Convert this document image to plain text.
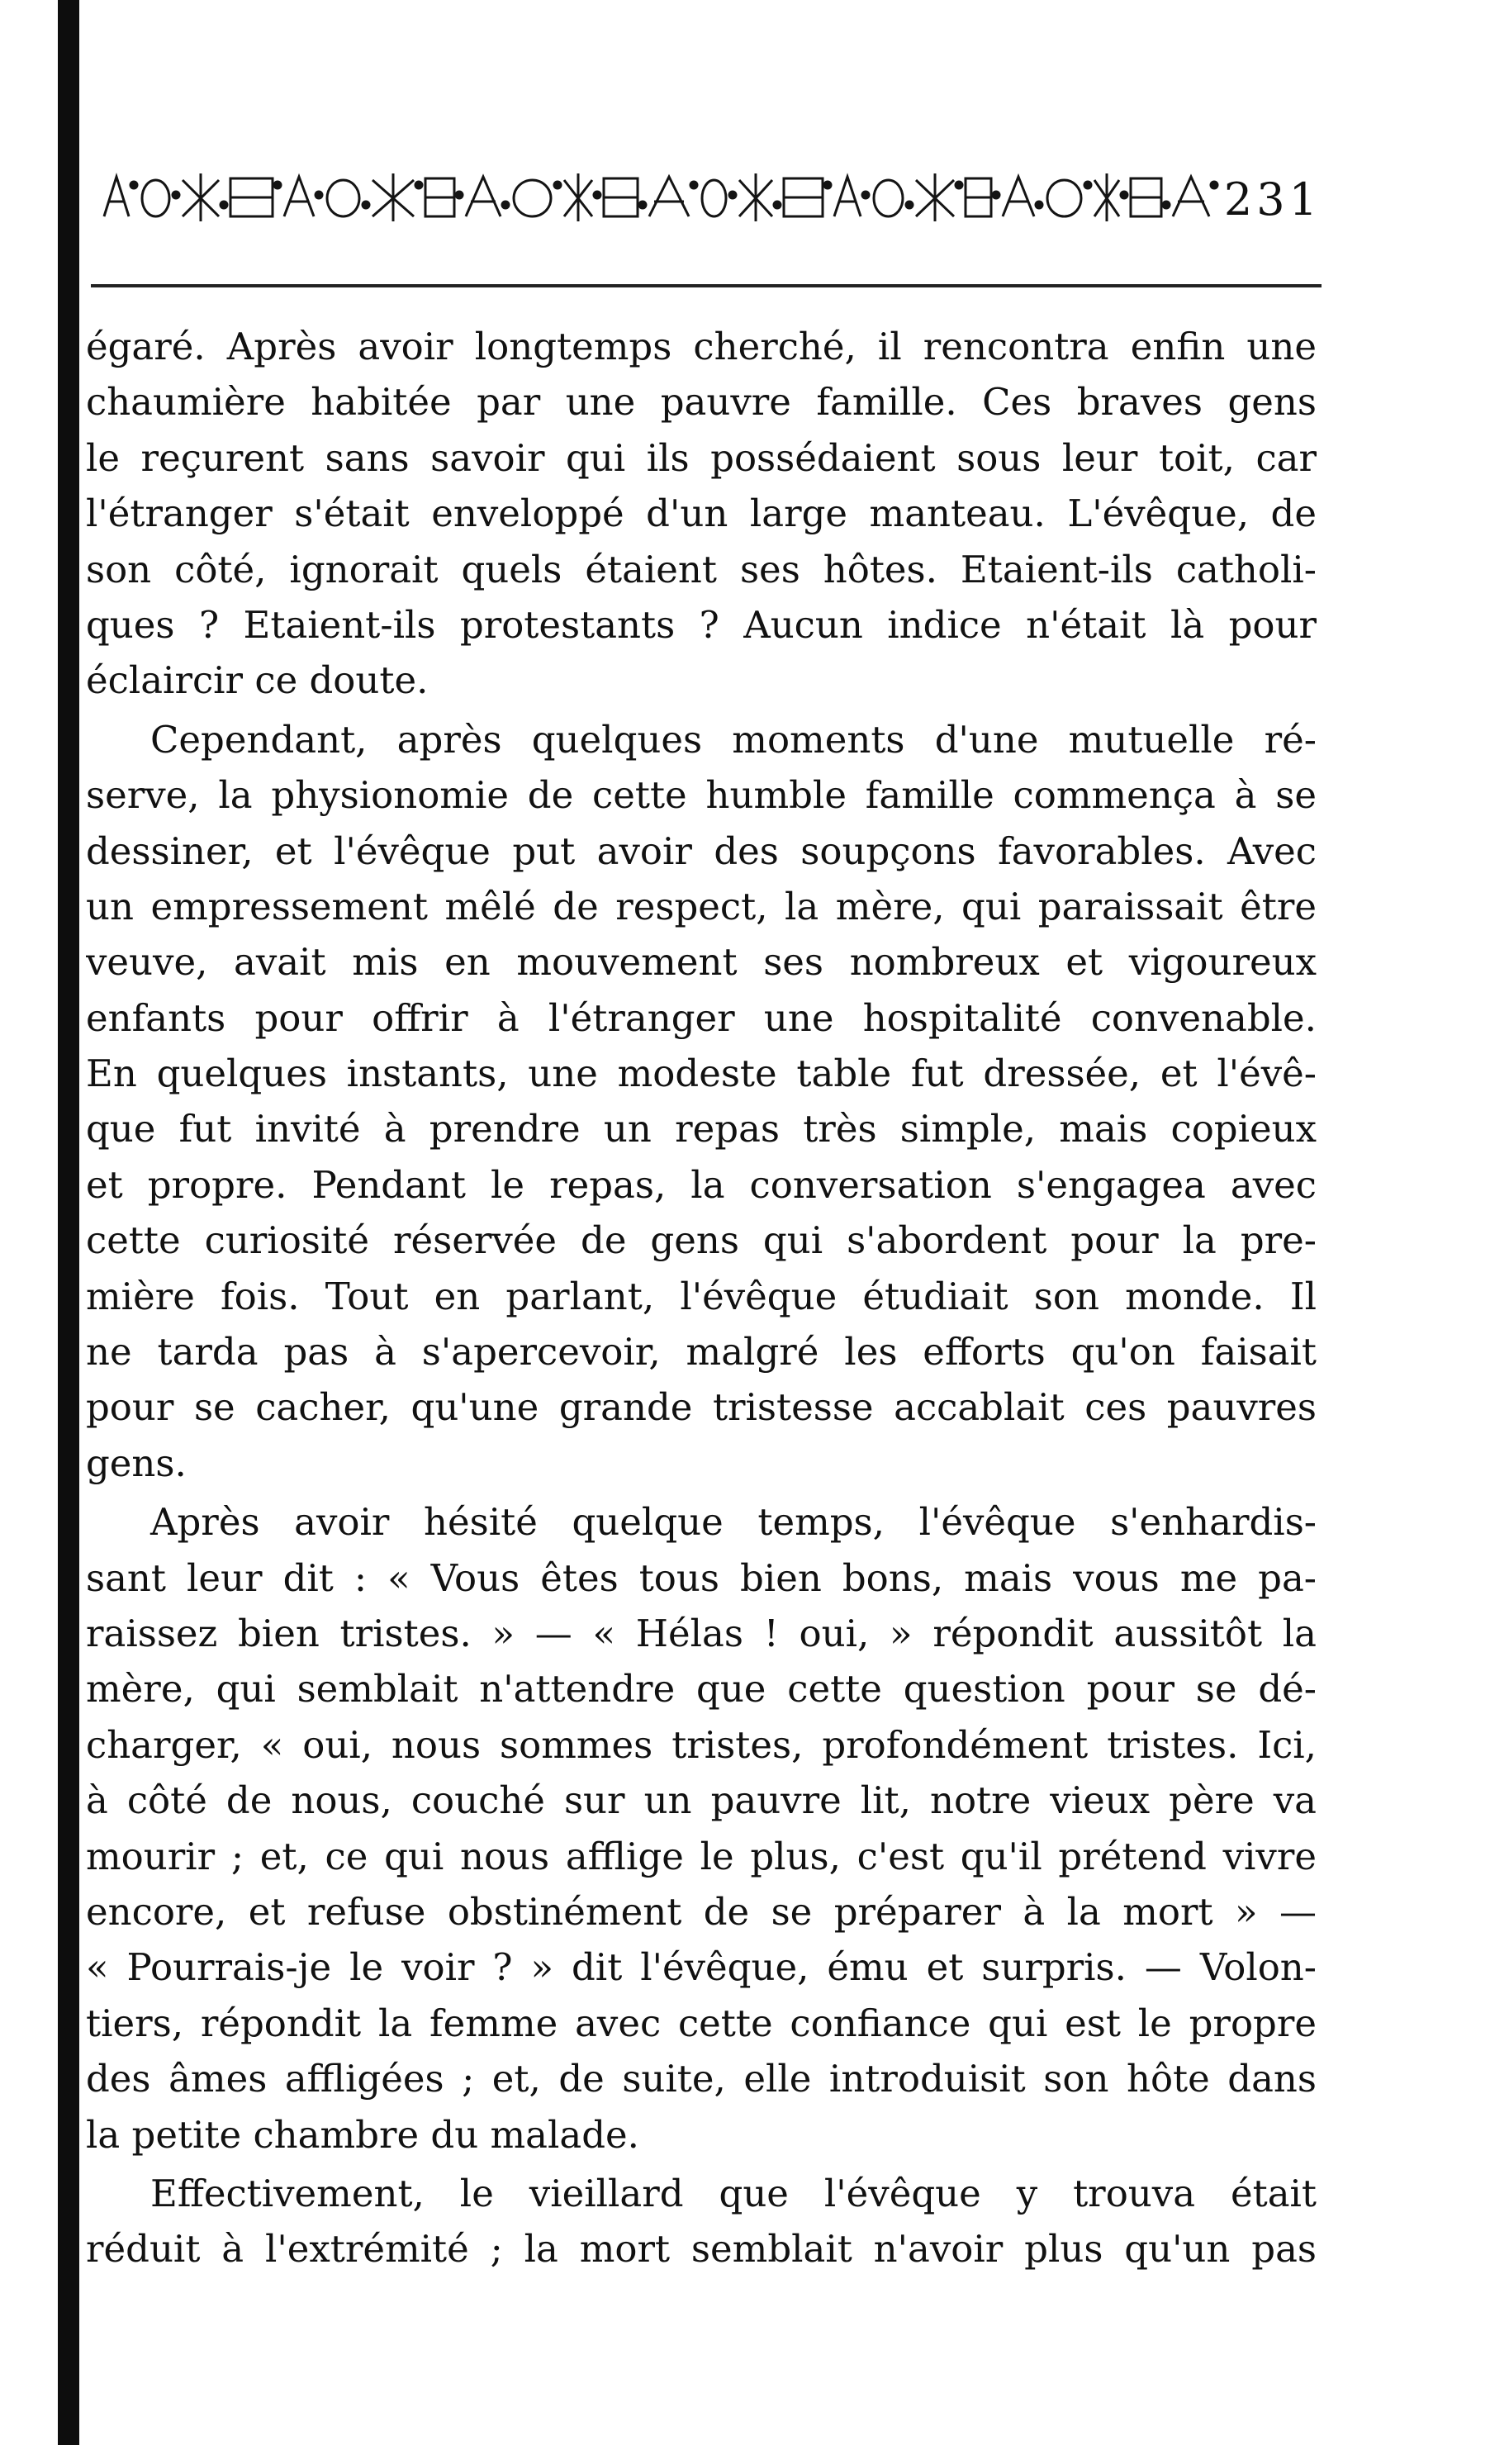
231
égaré. Après avoir longtemps cherché, il rencontra enfin une
chaumière habitée par une pauvre famille. Ces braves gens
le reçurent sans savoir qui ils possédaient sous leur toit, car
l'étranger s'était enveloppé d'un large manteau. L'évêque, de
son côté, ignorait quels étaient ses hôtes. Etaient-ils catholi-
ques ? Etaient-ils protestants ? Aucun indice n'était là pour
éclaircir ce doute.
Cependant, après quelques moments d'une mutuelle ré-
serve, la physionomie de cette humble famille commença à se
dessiner, et l'évêque put avoir des soupçons favorables. Avec
un empressement mêlé de respect, la mère, qui paraissait être
veuve, avait mis en mouvement ses nombreux et vigoureux
enfants pour offrir à l'étranger une hospitalité convenable.
En quelques instants, une modeste table fut dressée, et l'évê-
que fut invité à prendre un repas très simple, mais copieux
et propre. Pendant le repas, la conversation s'engagea avec
cette curiosité réservée de gens qui s'abordent pour la pre-
mière fois. Tout en parlant, l'évêque étudiait son monde. Il
ne tarda pas à s'apercevoir, malgré les efforts qu'on faisait
pour se cacher, qu'une grande tristesse accablait ces pauvres
gens.
Après avoir hésité quelque temps, l'évêque s'enhardis-
sant leur dit : « Vous êtes tous bien bons, mais vous me pa-
raissez bien tristes. » — « Hélas ! oui, » répondit aussitôt la
mère, qui semblait n'attendre que cette question pour se dé-
charger, « oui, nous sommes tristes, profondément tristes. Ici,
à côté de nous, couché sur un pauvre lit, notre vieux père va
mourir ; et, ce qui nous afflige le plus, c'est qu'il prétend vivre
encore, et refuse obstinément de se préparer à la mort » —
« Pourrais-je le voir ? » dit l'évêque, ému et surpris. — Volon-
tiers, répondit la femme avec cette confiance qui est le propre
des âmes affligées ; et, de suite, elle introduisit son hôte dans
la petite chambre du malade.
Effectivement, le vieillard que l'évêque y trouva était
réduit à l'extrémité ; la mort semblait n'avoir plus qu'un pas
